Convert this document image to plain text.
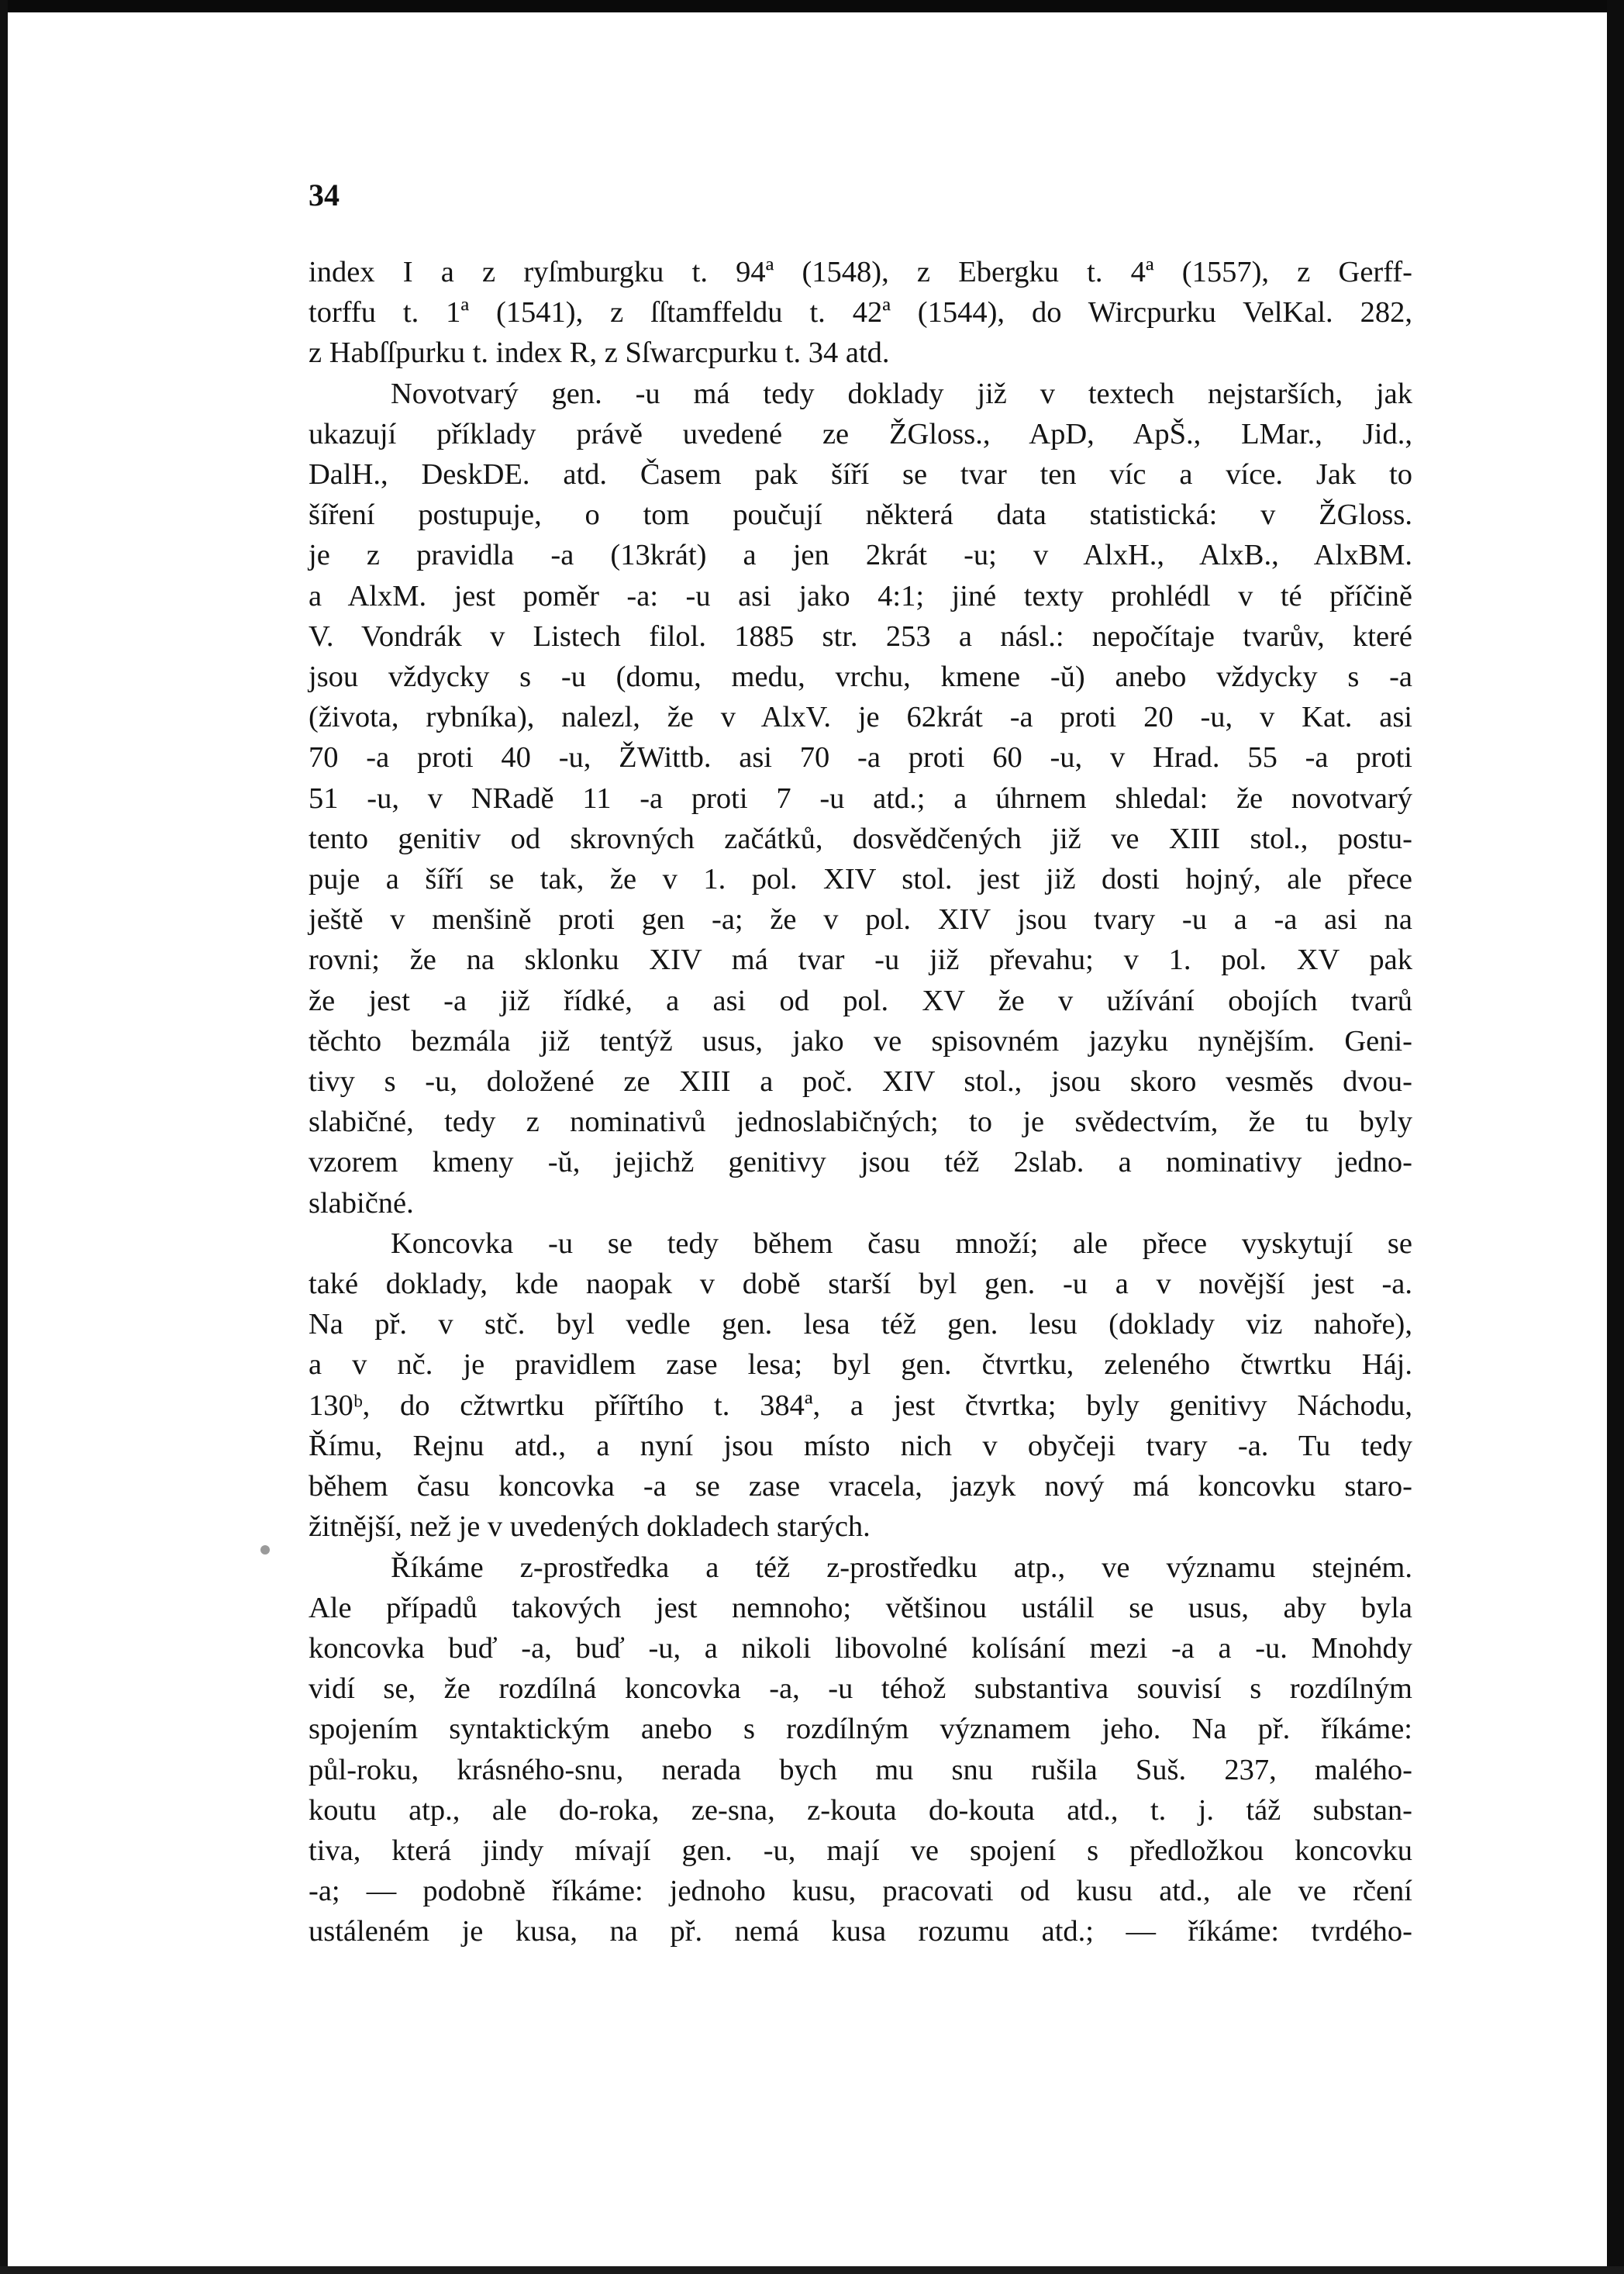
34
index I a z ryſmburgku t. 94ª (1548), z Ebergku t. 4ª (1557), z Gerff-
torffu t. 1ª (1541), z ſſtamffeldu t. 42ª (1544), do Wircpurku VelKal. 282,
z Habſſpurku t. index R, z Sſwarcpurku t. 34 atd.
Novotvarý gen. -u má tedy doklady již v textech nejstarších, jak
ukazují příklady právě uvedené ze ŽGloss., ApD, ApŠ., LMar., Jid.,
DalH., DeskDE. atd. Časem pak šíří se tvar ten víc a více. Jak to
šíření postupuje, o tom poučují některá data statistická: v ŽGloss.
je z pravidla -a (13krát) a jen 2krát -u; v AlxH., AlxB., AlxBM.
a AlxM. jest poměr -a: -u asi jako 4:1; jiné texty prohlédl v té příčině
V. Vondrák v Listech filol. 1885 str. 253 a násl.: nepočítaje tvarův, které
jsou vždycky s -u (domu, medu, vrchu, kmene -ŭ) anebo vždycky s -a
(života, rybníka), nalezl, že v AlxV. je 62krát -a proti 20 -u, v Kat. asi
70 -a proti 40 -u, ŽWittb. asi 70 -a proti 60 -u, v Hrad. 55 -a proti
51 -u, v NRadě 11 -a proti 7 -u atd.; a úhrnem shledal: že novotvarý
tento genitiv od skrovných začátků, dosvědčených již ve XIII stol., postu-
puje a šíří se tak, že v 1. pol. XIV stol. jest již dosti hojný, ale přece
ještě v menšině proti gen -a; že v pol. XIV jsou tvary -u a -a asi na
rovni; že na sklonku XIV má tvar -u již převahu; v 1. pol. XV pak
že jest -a již řídké, a asi od pol. XV že v užívání obojích tvarů
těchto bezmála již tentýž usus, jako ve spisovném jazyku nynějším. Geni-
tivy s -u, doložené ze XIII a poč. XIV stol., jsou skoro vesměs dvou-
slabičné, tedy z nominativů jednoslabičných; to je svědectvím, že tu byly
vzorem kmeny -ŭ, jejichž genitivy jsou též 2slab. a nominativy jedno-
slabičné.
Koncovka -u se tedy během času množí; ale přece vyskytují se
také doklady, kde naopak v době starší byl gen. -u a v novější jest -a.
Na př. v stč. byl vedle gen. lesa též gen. lesu (doklady viz nahoře),
a v nč. je pravidlem zase lesa; byl gen. čtvrtku, zeleného čtwrtku Háj.
130ᵇ, do cžtwrtku přířtího t. 384ª, a jest čtvrtka; byly genitivy Náchodu,
Římu, Rejnu atd., a nyní jsou místo nich v obyčeji tvary -a. Tu tedy
během času koncovka -a se zase vracela, jazyk nový má koncovku staro-
žitnější, než je v uvedených dokladech starých.
Říkáme z-prostředka a též z-prostředku atp., ve významu stejném.
Ale případů takových jest nemnoho; většinou ustálil se usus, aby byla
koncovka buď -a, buď -u, a nikoli libovolné kolísání mezi -a a -u. Mnohdy
vidí se, že rozdílná koncovka -a, -u téhož substantiva souvisí s rozdílným
spojením syntaktickým anebo s rozdílným významem jeho. Na př. říkáme:
půl-roku, krásného-snu, nerada bych mu snu rušila Suš. 237, malého-
koutu atp., ale do-roka, ze-sna, z-kouta do-kouta atd., t. j. táž substan-
tiva, která jindy mívají gen. -u, mají ve spojení s předložkou koncovku
-a; — podobně říkáme: jednoho kusu, pracovati od kusu atd., ale ve rčení
ustáleném je kusa, na př. nemá kusa rozumu atd.; — říkáme: tvrdého-
